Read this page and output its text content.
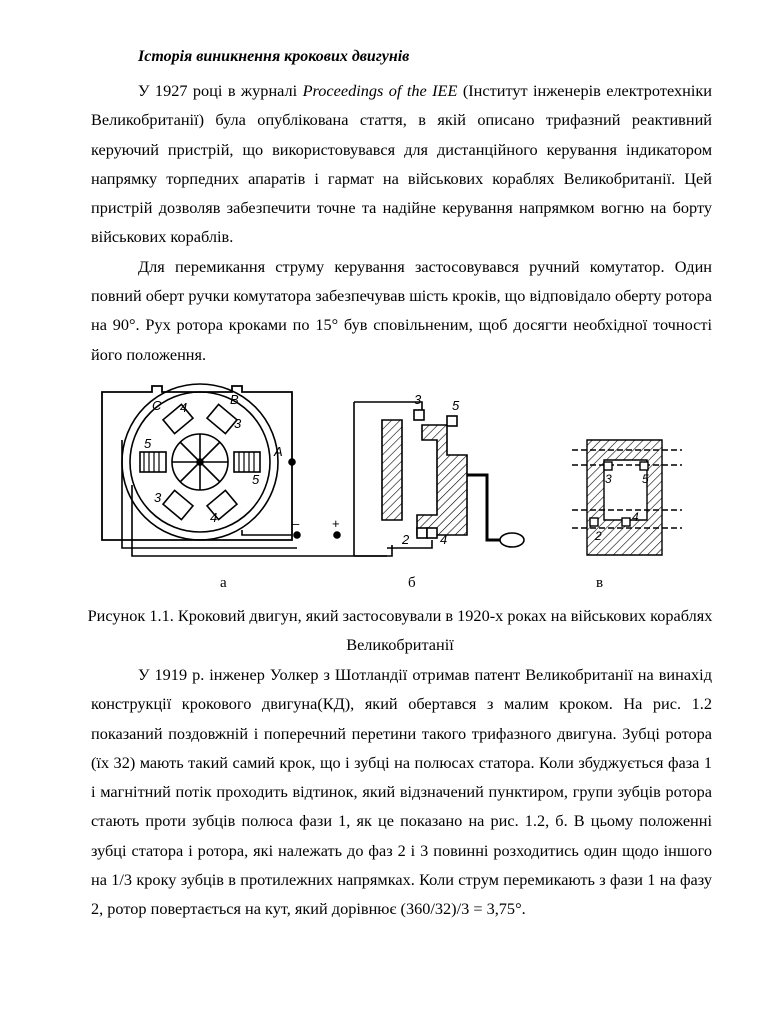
Історія виникнення крокових двигунів

У 1927 році в журналі Proceedings of the IEE (Інститут інженерів електротехніки Великобританії) була опублікована стаття, в якій описано трифазний реактивний керуючий пристрій, що використовувався для дистанційного керування індикатором напрямку торпедних апаратів і гармат на військових кораблях Великобританії. Цей пристрій дозволяв забезпечити точне та надійне керування напрямком вогню на борту військових кораблів.

Для перемикання струму керування застосовувався ручний комутатор. Один повний оберт ручки комутатора забезпечував шість кроків, що відповідало оберту ротора на 90°. Рух ротора кроками по 15° був сповільненим, щоб досягти необхідної точності його положення.

C 4
B
3
5
A
5
3
4	–	+
3 5
2 4
3	5
2
4
а	б	в
Рисунок 1.1. Кроковий двигун, який застосовували в 1920-х роках на військових кораблях Великобританії

У 1919 р. інженер Уолкер з Шотландії отримав патент Великобританії на винахід конструкції крокового двигуна(КД), який обертався з малим кроком. На рис. 1.2 показаний поздовжній і поперечний перетини такого трифазного двигуна. Зубці ротора (їх 32) мають такий самий крок, що і зубці на полюсах статора. Коли збуджується фаза 1 і магнітний потік проходить відтинок, який відзначений пунктиром, групи зубців ротора стають проти зубців полюса фази 1, як це показано на рис. 1.2, б. В цьому положенні зубці статора і ротора, які належать до фаз 2 і 3 повинні розходитись один щодо іншого на 1/3 кроку зубців в протилежних напрямках. Коли струм перемикають з фази 1 на фазу 2, ротор повертається на кут, який дорівнює (360/32)/3 = 3,75°.
